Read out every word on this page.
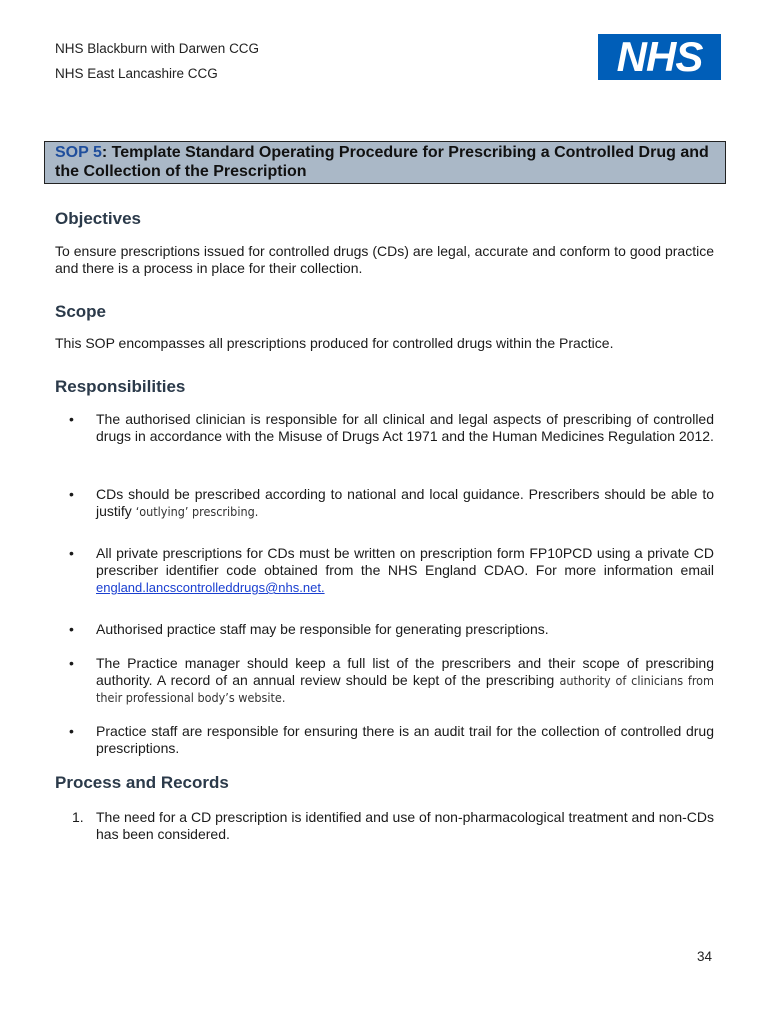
NHS Blackburn with Darwen CCG
NHS East Lancashire CCG	NHS
SOP 5: Template Standard Operating Procedure for Prescribing a Controlled Drug and the Collection of the Prescription
Objectives

To ensure prescriptions issued for controlled drugs (CDs) are legal, accurate and conform to good practice and there is a process in place for their collection.

Scope

This SOP encompasses all prescriptions produced for controlled drugs within the Practice.

Responsibilities
• The authorised clinician is responsible for all clinical and legal aspects of prescribing of controlled drugs in accordance with the Misuse of Drugs Act 1971 and the Human Medicines Regulation 2012.
• CDs should be prescribed according to national and local guidance. Prescribers should be able to justify ‘outlying’ prescribing.
• All private prescriptions for CDs must be written on prescription form FP10PCD using a private CD prescriber identifier code obtained from the NHS England CDAO. For more information email england.lancscontrolleddrugs@nhs.net.
• Authorised practice staff may be responsible for generating prescriptions.
• The Practice manager should keep a full list of the prescribers and their scope of prescribing authority. A record of an annual review should be kept of the prescribing authority of clinicians from their professional body’s website.
• Practice staff are responsible for ensuring there is an audit trail for the collection of controlled drug prescriptions.
Process and Records
1. The need for a CD prescription is identified and use of non-pharmacological treatment and non-CDs has been considered.
34
